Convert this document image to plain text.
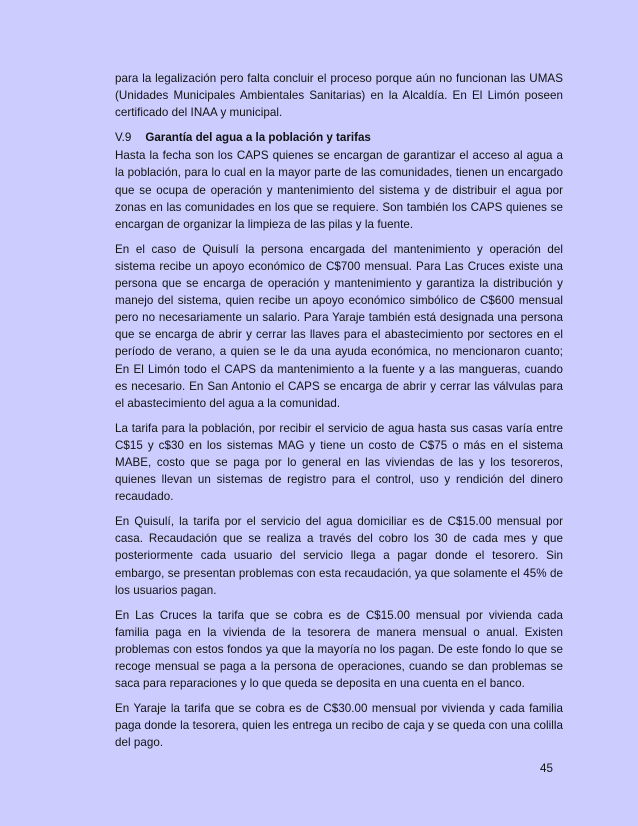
para la legalización pero falta concluir el proceso porque aún no funcionan las UMAS (Unidades Municipales Ambientales Sanitarias) en la Alcaldía. En El Limón poseen certificado del INAA y municipal.

V.9 Garantía del agua a la población y tarifas

Hasta la fecha son los CAPS quienes se encargan de garantizar el acceso al agua a la población, para lo cual en la mayor parte de las comunidades, tienen un encargado que se ocupa de operación y mantenimiento del sistema y de distribuir el agua por zonas en las comunidades en los que se requiere. Son también los CAPS quienes se encargan de organizar la limpieza de las pilas y la fuente.

En el caso de Quisulí la persona encargada del mantenimiento y operación del sistema recibe un apoyo económico de C$700 mensual. Para Las Cruces existe una persona que se encarga de operación y mantenimiento y garantiza la distribución y manejo del sistema, quien recibe un apoyo económico simbólico de C$600 mensual pero no necesariamente un salario. Para Yaraje también está designada una persona que se encarga de abrir y cerrar las llaves para el abastecimiento por sectores en el período de verano, a quien se le da una ayuda económica, no mencionaron cuanto; En El Limón todo el CAPS da mantenimiento a la fuente y a las mangueras, cuando es necesario. En San Antonio el CAPS se encarga de abrir y cerrar las válvulas para el abastecimiento del agua a la comunidad.

La tarifa para la población, por recibir el servicio de agua hasta sus casas varía entre C$15 y c$30 en los sistemas MAG y tiene un costo de C$75 o más en el sistema MABE, costo que se paga por lo general en las viviendas de las y los tesoreros, quienes llevan un sistemas de registro para el control, uso y rendición del dinero recaudado.

En Quisulí, la tarifa por el servicio del agua domiciliar es de C$15.00 mensual por casa. Recaudación que se realiza a través del cobro los 30 de cada mes y que posteriormente cada usuario del servicio llega a pagar donde el tesorero. Sin embargo, se presentan problemas con esta recaudación, ya que solamente el 45% de los usuarios pagan.

En Las Cruces la tarifa que se cobra es de C$15.00 mensual por vivienda cada familia paga en la vivienda de la tesorera de manera mensual o anual. Existen problemas con estos fondos ya que la mayoría no los pagan. De este fondo lo que se recoge mensual se paga a la persona de operaciones, cuando se dan problemas se saca para reparaciones y lo que queda se deposita en una cuenta en el banco.

En Yaraje la tarifa que se cobra es de C$30.00 mensual por vivienda y cada familia paga donde la tesorera, quien les entrega un recibo de caja y se queda con una colilla del pago.

45
